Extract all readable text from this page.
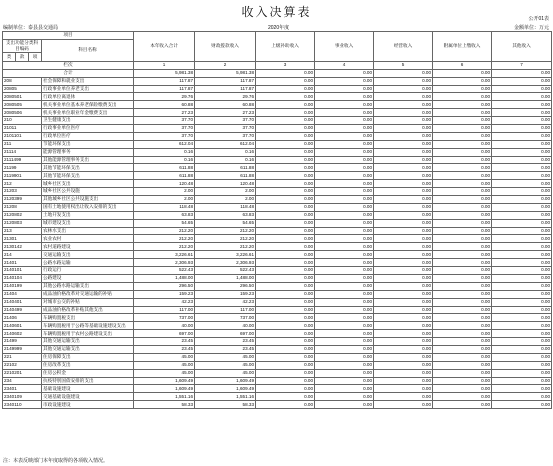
收入决算表	公开01表
编制单位：泰县县交通局	2020年度	金额单位：万元
项目				本年收入合计	财政拨款收入	上级补助收入	事业收入	经营收入	附属单位上缴收入	其他收入
支出功能分类科目编码			科目名称							

类	款	项								
栏次				1	2	3	4	5	6	7
合计				5,981.38	5,981.38	0.00	0.00	0.00	0.00	0.00
208			社会保障和就业支出	117.87	117.87	0.00	0.00	0.00	0.00	0.00
20805			行政事业单位养老支出	117.87	117.87	0.00	0.00	0.00	0.00	0.00
2080501			行政单位离退休	29.76	29.76	0.00	0.00	0.00	0.00	0.00
2080505			机关事业单位基本养老保险缴费支出	60.88	60.88	0.00	0.00	0.00	0.00	0.00
2080506			机关事业单位职业年金缴费支出	27.23	27.23	0.00	0.00	0.00	0.00	0.00
210			卫生健康支出	37.70	37.70	0.00	0.00	0.00	0.00	0.00
21011			行政事业单位医疗	37.70	37.70	0.00	0.00	0.00	0.00	0.00
2101101			行政单位医疗	37.70	37.70	0.00	0.00	0.00	0.00	0.00
211			节能环保支出	612.04	612.04	0.00	0.00	0.00	0.00	0.00
21114			能源管理事务	0.16	0.16	0.00	0.00	0.00	0.00	0.00
2111499			其他能源管理事务支出	0.16	0.16	0.00	0.00	0.00	0.00	0.00
21199			其他节能环保支出	611.88	611.88	0.00	0.00	0.00	0.00	0.00
2119901			其他节能环保支出	611.88	611.88	0.00	0.00	0.00	0.00	0.00
212			城乡社区支出	120.48	120.48	0.00	0.00	0.00	0.00	0.00
21203			城乡社区公共设施	2.00	2.00	0.00	0.00	0.00	0.00	0.00
2120399			其他城乡社区公共设施支出	2.00	2.00	0.00	0.00	0.00	0.00	0.00
21208			国有土地使用权出让收入安排的支出	118.48	118.48	0.00	0.00	0.00	0.00	0.00
2120802			土地开发支出	63.83	63.83	0.00	0.00	0.00	0.00	0.00
2120803			城市建设支出	54.65	54.65	0.00	0.00	0.00	0.00	0.00
213			农林水支出	212.20	212.20	0.00	0.00	0.00	0.00	0.00
21301			农业农村	212.20	212.20	0.00	0.00	0.00	0.00	0.00
2130142			农村道路建设	212.20	212.20	0.00	0.00	0.00	0.00	0.00
214			交通运输支出	3,226.61	3,226.61	0.00	0.00	0.00	0.00	0.00
21401			公路水路运输	2,306.93	2,306.93	0.00	0.00	0.00	0.00	0.00
2140101			行政运行	522.43	522.43	0.00	0.00	0.00	0.00	0.00
2140104			公路建设	1,488.00	1,488.00	0.00	0.00	0.00	0.00	0.00
2140199			其他公路水路运输支出	296.50	296.50	0.00	0.00	0.00	0.00	0.00
21404			成品油价格改革对交通运输的补贴	159.23	159.23	0.00	0.00	0.00	0.00	0.00
2140401			对城市公交的补贴	42.23	42.23	0.00	0.00	0.00	0.00	0.00
2140499			成品油价格改革补贴其他支出	117.00	117.00	0.00	0.00	0.00	0.00	0.00
21406			车辆购置税支出	737.00	737.00	0.00	0.00	0.00	0.00	0.00
2140601			车辆购置税用于公路等基础设施建设支出	40.00	40.00	0.00	0.00	0.00	0.00	0.00
2140602			车辆购置税用于农村公路建设支出	697.00	697.00	0.00	0.00	0.00	0.00	0.00
21499			其他交通运输支出	23.45	23.45	0.00	0.00	0.00	0.00	0.00
2149999			其他交通运输支出	23.45	23.45	0.00	0.00	0.00	0.00	0.00
221			住房保障支出	45.00	45.00	0.00	0.00	0.00	0.00	0.00
22102			住房改革支出	45.00	45.00	0.00	0.00	0.00	0.00	0.00
2210201			住房公积金	45.00	45.00	0.00	0.00	0.00	0.00	0.00
234			抗疫特别国债安排的支出	1,609.49	1,609.49	0.00	0.00	0.00	0.00	0.00
23401			基础设施建设	1,609.49	1,609.49	0.00	0.00	0.00	0.00	0.00
2340109			交通基础设施建设	1,551.16	1,551.16	0.00	0.00	0.00	0.00	0.00
2340110			市政设施建设	58.33	58.33	0.00	0.00	0.00	0.00	0.00
注：本表反映部门本年度取得的各项收入情况。
